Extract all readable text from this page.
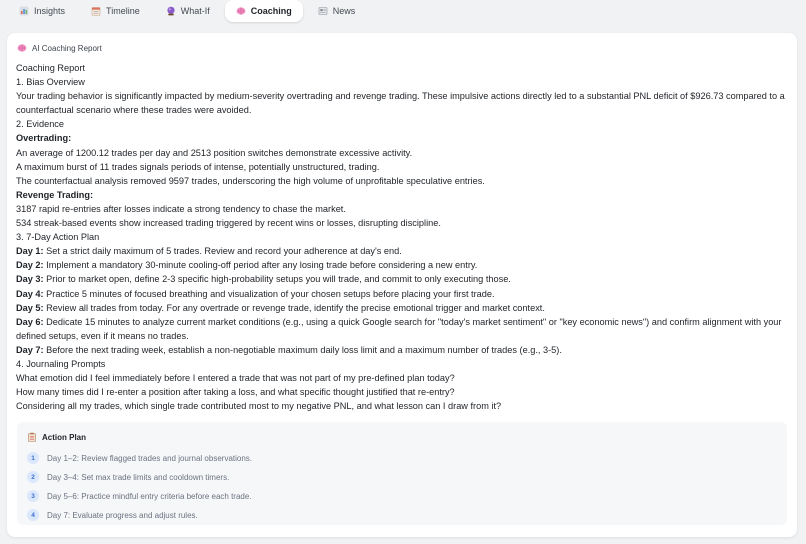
Insights	Timeline	What-If	Coaching	News
AI Coaching Report
Coaching Report
1. Bias Overview
Your trading behavior is significantly impacted by medium-severity overtrading and revenge trading. These impulsive actions directly led to a substantial PNL deficit of $926.73 compared to a counterfactual scenario where these trades were avoided.
2. Evidence
Overtrading:
An average of 1200.12 trades per day and 2513 position switches demonstrate excessive activity.
A maximum burst of 11 trades signals periods of intense, potentially unstructured, trading.
The counterfactual analysis removed 9597 trades, underscoring the high volume of unprofitable speculative entries.
Revenge Trading:
3187 rapid re-entries after losses indicate a strong tendency to chase the market.
534 streak-based events show increased trading triggered by recent wins or losses, disrupting discipline.
3. 7-Day Action Plan
Day 1: Set a strict daily maximum of 5 trades. Review and record your adherence at day's end.
Day 2: Implement a mandatory 30-minute cooling-off period after any losing trade before considering a new entry.
Day 3: Prior to market open, define 2-3 specific high-probability setups you will trade, and commit to only executing those.
Day 4: Practice 5 minutes of focused breathing and visualization of your chosen setups before placing your first trade.
Day 5: Review all trades from today. For any overtrade or revenge trade, identify the precise emotional trigger and market context.
Day 6: Dedicate 15 minutes to analyze current market conditions (e.g., using a quick Google search for "today's market sentiment" or "key economic news") and confirm alignment with your defined setups, even if it means no trades.
Day 7: Before the next trading week, establish a non-negotiable maximum daily loss limit and a maximum number of trades (e.g., 3-5).
4. Journaling Prompts
What emotion did I feel immediately before I entered a trade that was not part of my pre-defined plan today?
How many times did I re-enter a position after taking a loss, and what specific thought justified that re-entry?
Considering all my trades, which single trade contributed most to my negative PNL, and what lesson can I draw from it?
Action Plan
1	Day 1–2: Review flagged trades and journal observations.
2	Day 3–4: Set max trade limits and cooldown timers.
3	Day 5–6: Practice mindful entry criteria before each trade.
4	Day 7: Evaluate progress and adjust rules.
